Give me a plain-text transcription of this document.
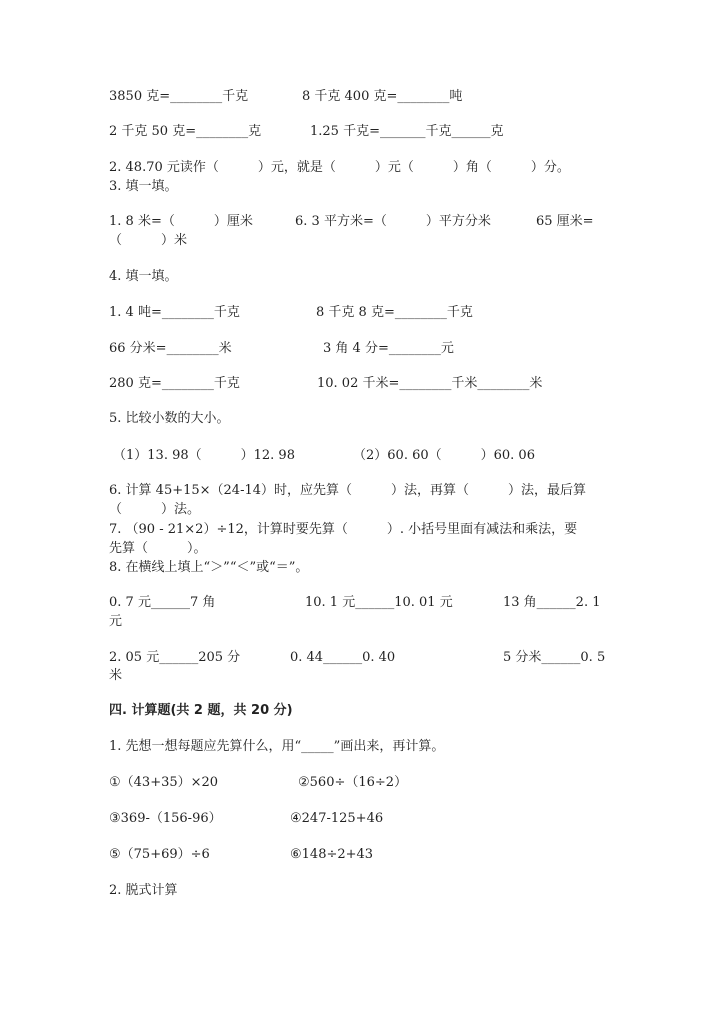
3850 克=________千克	8 千克 400 克=________吨
2 千克 50 克=________克	1.25 千克=_______千克______克
2. 48.70 元读作（　　　）元，就是（　　　）元（　　　）角（　　　）分。
3. 填一填。
1. 8 米=（　　　）厘米	6. 3 平方米=（　　　）平方分米	65 厘米=
（　　　）米
4. 填一填。
1. 4 吨=________千克	8 千克 8 克=________千克
66 分米=________米	3 角 4 分=________元
280 克=________千克	10. 02 千米=________千米________米
5. 比较小数的大小。
（1）13. 98（　　　）12. 98	（2）60. 60（　　　）60. 06
6. 计算 45+15×（24-14）时，应先算（　　　）法，再算（　　　）法，最后算
（　　　）法。
7. （90 - 21×2）÷12，计算时要先算（　　　）. 小括号里面有减法和乘法，要
先算（　　　）。
8. 在横线上填上“＞”“＜”或“＝”。
0. 7 元______7 角	10. 1 元______10. 01 元	13 角______2. 1
元
2. 05 元______205 分	0. 44______0. 40	5 分米______0. 5
米
四. 计算题(共 2 题，共 20 分)
1. 先想一想每题应先算什么，用“_____”画出来，再计算。
①（43+35）×20	②560÷（16÷2）
③369-（156-96）	④247-125+46
⑤（75+69）÷6	⑥148÷2+43
2. 脱式计算
